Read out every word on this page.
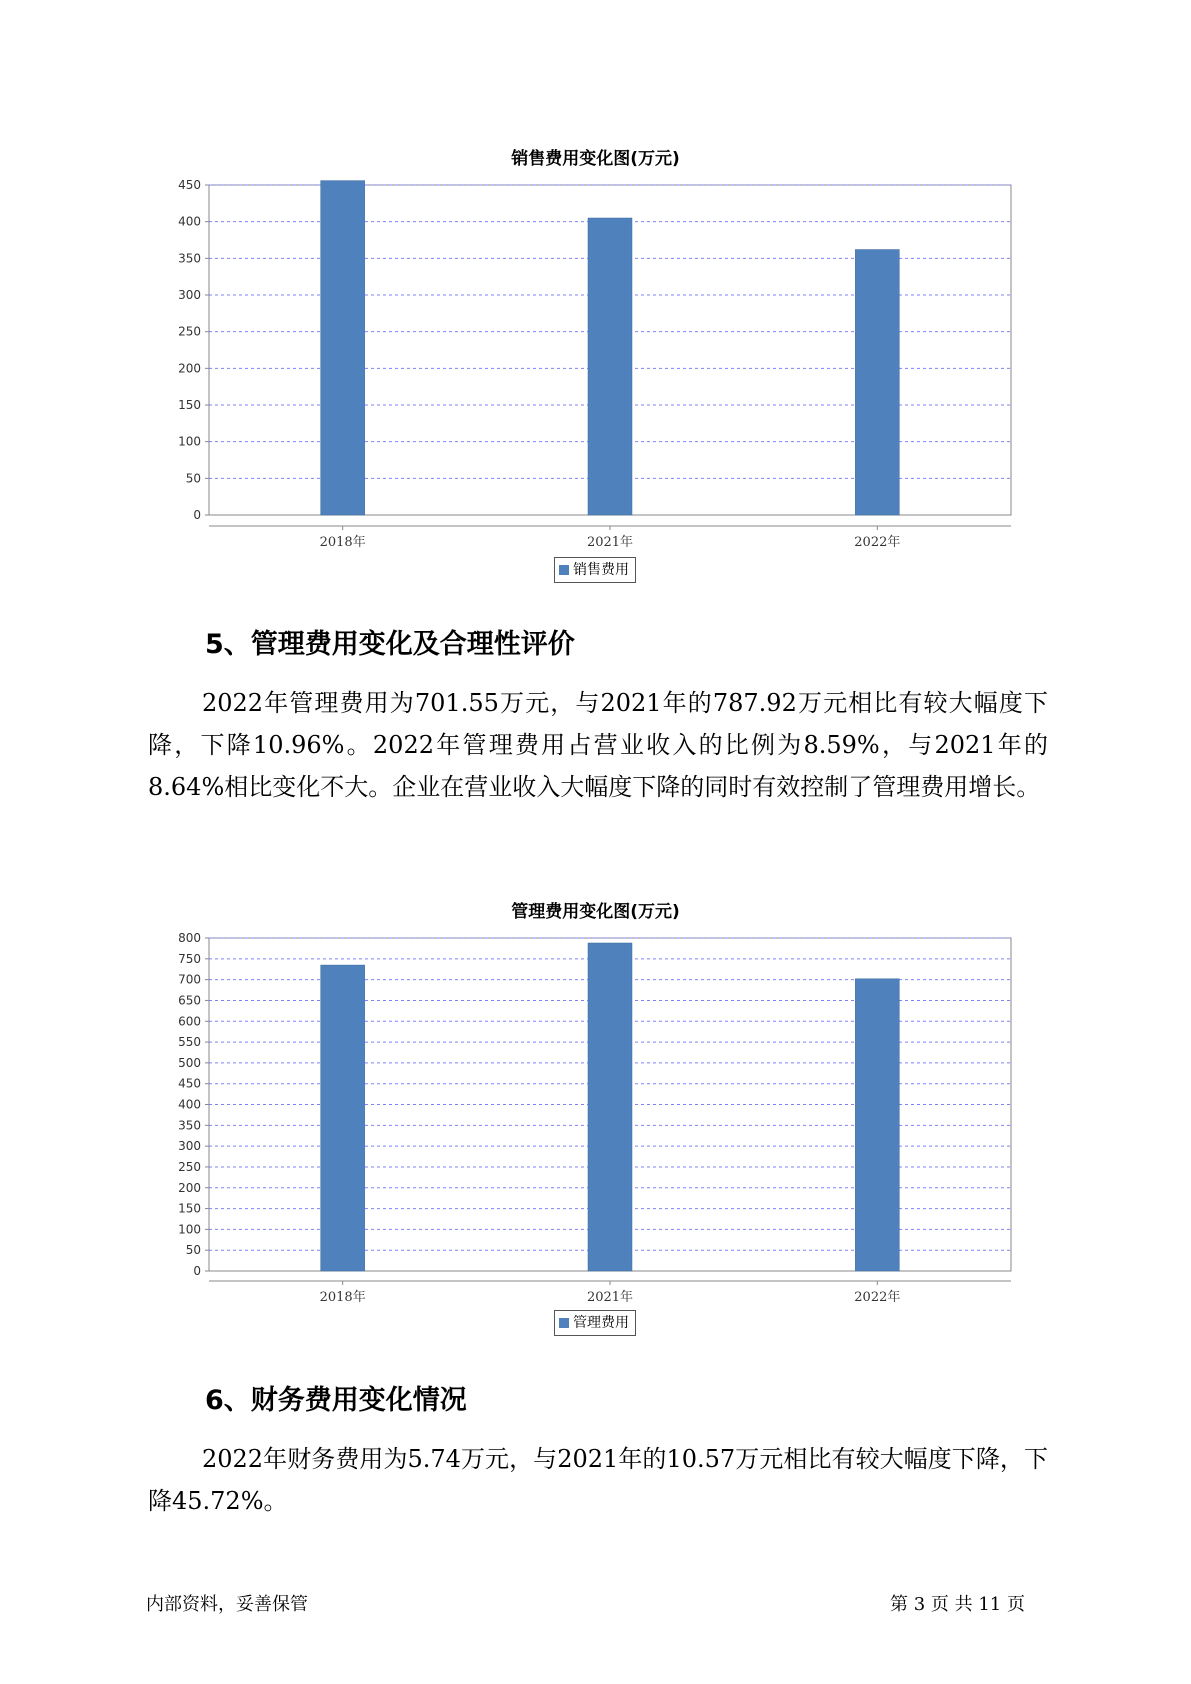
销售费用变化图(万元)
0
50
100
150
200
250
300
350
400
450
2018年	2021年	2022年
销售费用
5、管理费用变化及合理性评价

2022年管理费用为701.55万元，与2021年的787.92万元相比有较大幅度下降，下降10.96%。2022年管理费用占营业收入的比例为8.59%，与2021年的8.64%相比变化不大。企业在营业收入大幅度下降的同时有效控制了管理费用增长。

管理费用变化图(万元)
0
50
100
150
200
250
300
350
400
450
500
550
600
650
700
750
800
2018年	2021年	2022年
管理费用
6、财务费用变化情况

2022年财务费用为5.74万元，与2021年的10.57万元相比有较大幅度下降，下降45.72%。

内部资料，妥善保管	第 3 页 共 11 页
